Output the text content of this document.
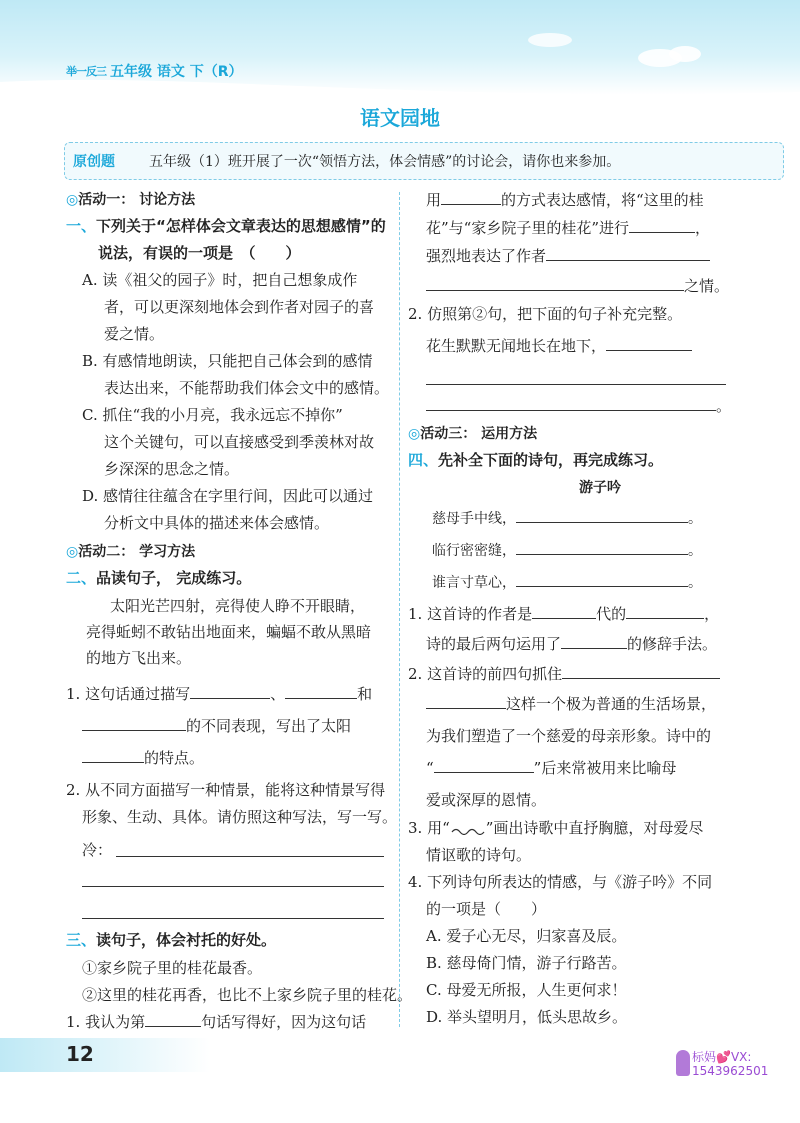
举一反三 五年级 语文 下（R）
语文园地
原创题 五年级（1）班开展了一次“领悟方法，体会情感”的讨论会，请你也来参加。
◎活动一： 讨论方法
一、下列关于“怎样体会文章表达的思想感情”的
说法，有误的一项是　（　　）
A. 读《祖父的园子》时，把自己想象成作
者，可以更深刻地体会到作者对园子的喜
爱之情。
B. 有感情地朗读，只能把自己体会到的感情
表达出来，不能帮助我们体会文中的感情。
C. 抓住“我的小月亮，我永远忘不掉你”
这个关键句，可以直接感受到季羡林对故
乡深深的思念之情。
D. 感情往往蕴含在字里行间，因此可以通过
分析文中具体的描述来体会感情。
◎活动二： 学习方法
二、品读句子， 完成练习。
太阳光芒四射，亮得使人睁不开眼睛，
亮得蚯蚓不敢钻出地面来，蝙蝠不敢从黑暗
的地方飞出来。
1. 这句话通过描写	、	和
的不同表现，写出了太阳
的特点。
2. 从不同方面描写一种情景，能将这种情景写得
形象、生动、具体。请仿照这种写法，写一写。
冷：
三、读句子，体会衬托的好处。
①家乡院子里的桂花最香。
②这里的桂花再香，也比不上家乡院子里的桂花。
1. 我认为第	句话写得好，因为这句话
用	的方式表达感情，将“这里的桂
花”与“家乡院子里的桂花”进行	，
强烈地表达了作者
之情。
2. 仿照第②句，把下面的句子补充完整。
花生默默无闻地长在地下，
。
◎活动三： 运用方法
四、先补全下面的诗句，再完成练习。
游子吟
慈母手中线，	。
临行密密缝，	。
谁言寸草心，	。
1. 这首诗的作者是	代的	，
诗的最后两句运用了	的修辞手法。
2. 这首诗的前四句抓住
这样一个极为普通的生活场景，
为我们塑造了一个慈爱的母亲形象。诗中的
“	”后来常被用来比喻母
爱或深厚的恩情。
3. 用“ ”画出诗歌中直抒胸臆，对母爱尽
情讴歌的诗句。
4. 下列诗句所表达的情感，与《游子吟》不同
的一项是（　　）
A. 爱子心无尽，归家喜及辰。
B. 慈母倚门情，游子行路苦。
C. 母爱无所报，人生更何求！
D. 举头望明月，低头思故乡。
12	标妈💕VX:
1543962501
